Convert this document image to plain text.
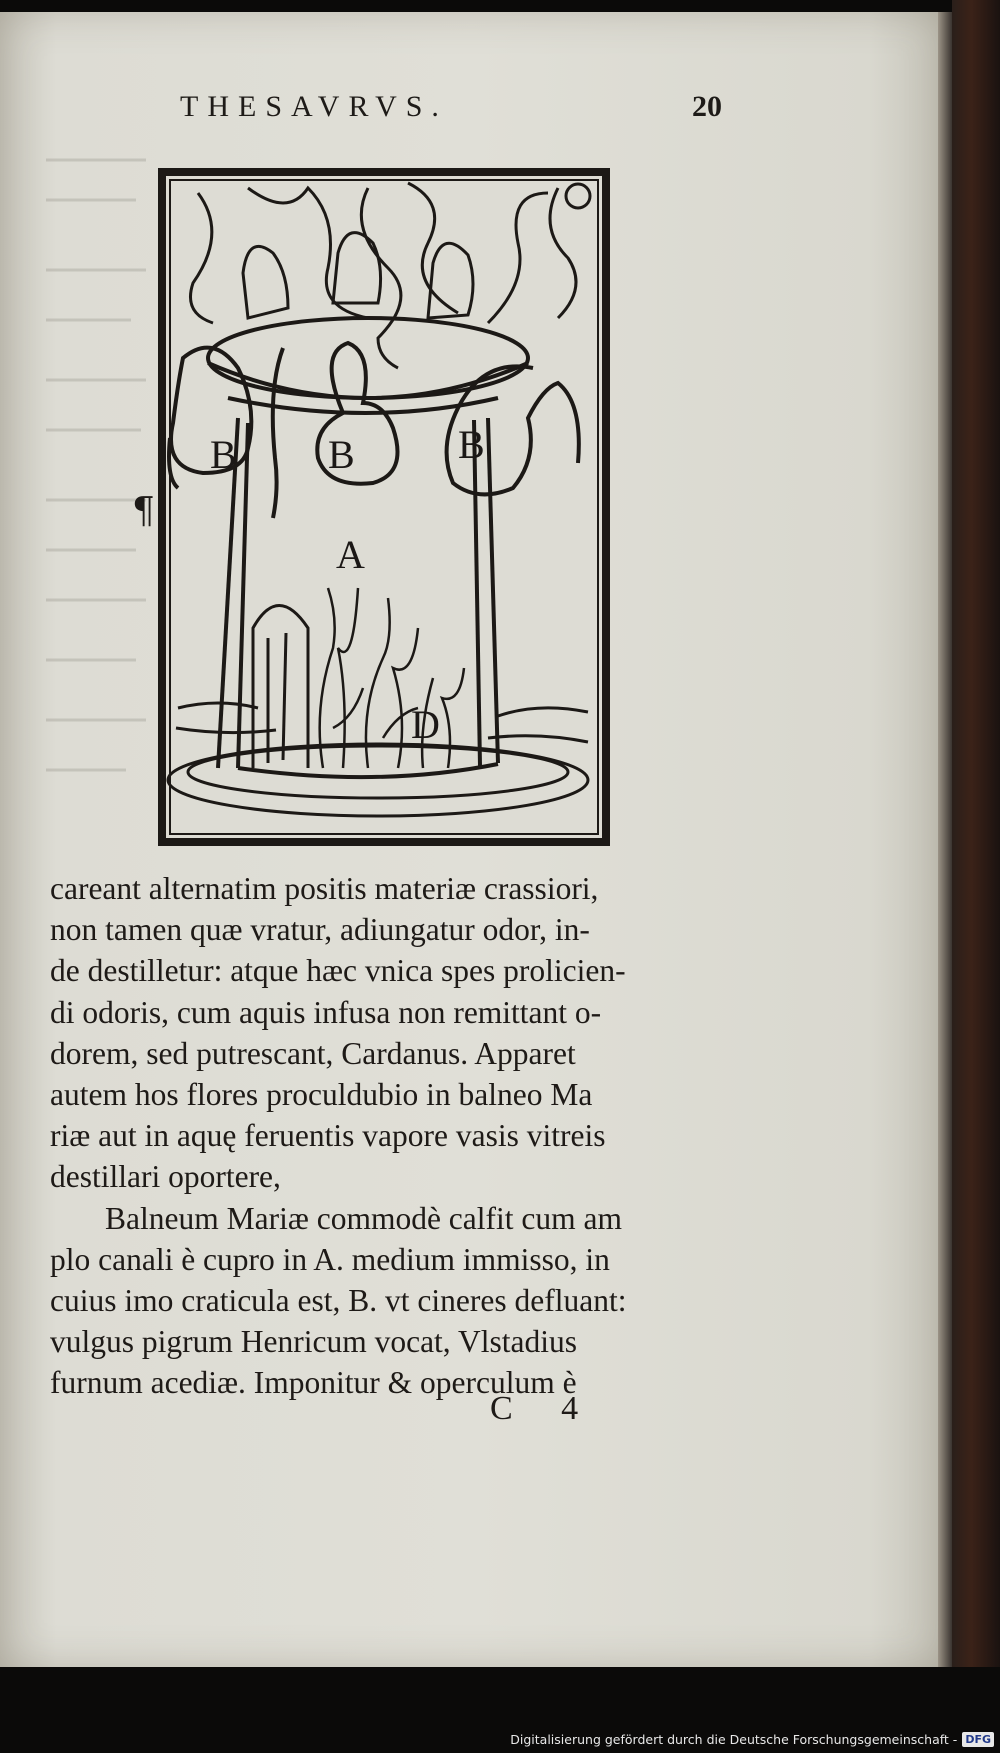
THESAVRVS.	20
¶
B B	B
A
D
careant alternatim positis materiæ crassiori,
non tamen quæ vratur, adiungatur odor, in-
de destilletur: atque hæc vnica spes prolicien-
di odoris, cum aquis infusa non remittant o-
dorem, sed putrescant, Cardanus. Apparet
autem hos flores proculdubio in balneo Ma
riæ aut in aquę feruentis vapore vasis vitreis
destillari oportere,
Balneum Mariæ commodè calfit cum am
plo canali è cupro in A. medium immisso, in
cuius imo craticula est, B. vt cineres defluant:
vulgus pigrum Henricum vocat, Vlstadius
furnum acediæ. Imponitur & operculum è
C 4
Digitalisierung gefördert durch die Deutsche Forschungsgemeinschaft - DFG
